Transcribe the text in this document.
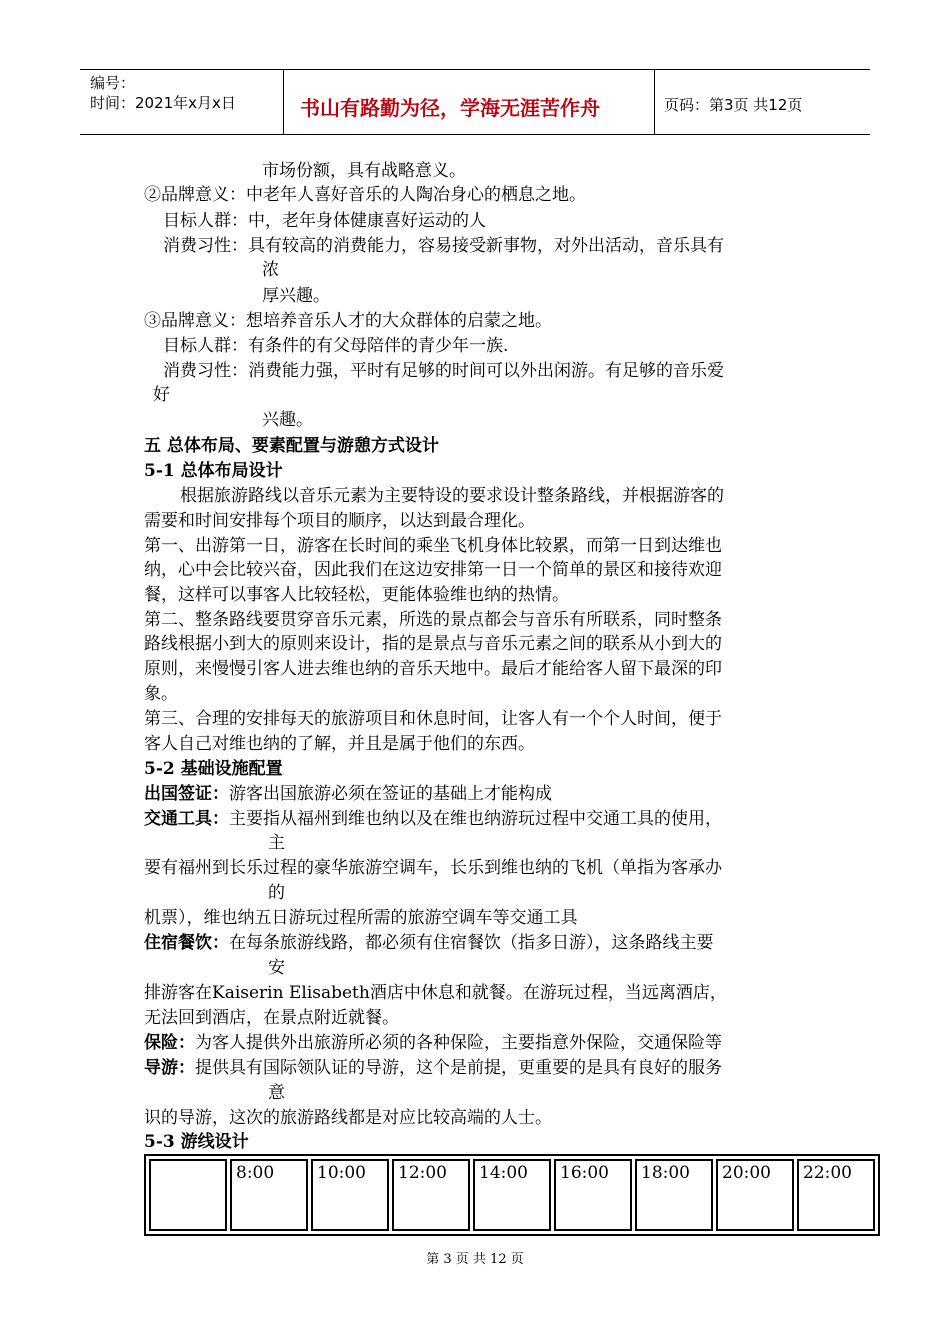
编号：
时间：2021年x月x日	书山有路勤为径，学海无涯苦作舟	页码：第3页 共12页
市场份额，具有战略意义。
②品牌意义：中老年人喜好音乐的人陶冶身心的栖息之地。
目标人群：中，老年身体健康喜好运动的人
消费习性：具有较高的消费能力，容易接受新事物，对外出活动，音乐具有
浓
厚兴趣。
③品牌意义：想培养音乐人才的大众群体的启蒙之地。
目标人群：有条件的有父母陪伴的青少年一族.
消费习性：消费能力强，平时有足够的时间可以外出闲游。有足够的音乐爱
好
兴趣。
五 总体布局、要素配置与游憩方式设计
5-1 总体布局设计
根据旅游路线以音乐元素为主要特设的要求设计整条路线，并根据游客的
需要和时间安排每个项目的顺序，以达到最合理化。
第一、出游第一日，游客在长时间的乘坐飞机身体比较累，而第一日到达维也
纳，心中会比较兴奋，因此我们在这边安排第一日一个简单的景区和接待欢迎
餐，这样可以事客人比较轻松，更能体验维也纳的热情。
第二、整条路线要贯穿音乐元素，所选的景点都会与音乐有所联系，同时整条
路线根据小到大的原则来设计，指的是景点与音乐元素之间的联系从小到大的
原则，来慢慢引客人进去维也纳的音乐天地中。最后才能给客人留下最深的印
象。
第三、合理的安排每天的旅游项目和休息时间，让客人有一个个人时间，便于
客人自己对维也纳的了解，并且是属于他们的东西。
5-2 基础设施配置
出国签证：游客出国旅游必须在签证的基础上才能构成
交通工具：主要指从福州到维也纳以及在维也纳游玩过程中交通工具的使用，
主
要有福州到长乐过程的豪华旅游空调车，长乐到维也纳的飞机（单指为客承办
的
机票），维也纳五日游玩过程所需的旅游空调车等交通工具
住宿餐饮：在每条旅游线路，都必须有住宿餐饮（指多日游），这条路线主要
安
排游客在Kaiserin Elisabeth酒店中休息和就餐。在游玩过程，当远离酒店，
无法回到酒店，在景点附近就餐。
保险：为客人提供外出旅游所必须的各种保险，主要指意外保险，交通保险等
导游：提供具有国际领队证的导游，这个是前提，更重要的是具有良好的服务
意
识的导游，这次的旅游路线都是对应比较高端的人士。
5-3 游线设计
	8:00	10:00	12:00	14:00	16:00	18:00	20:00	22:00
第 3 页 共 12 页
